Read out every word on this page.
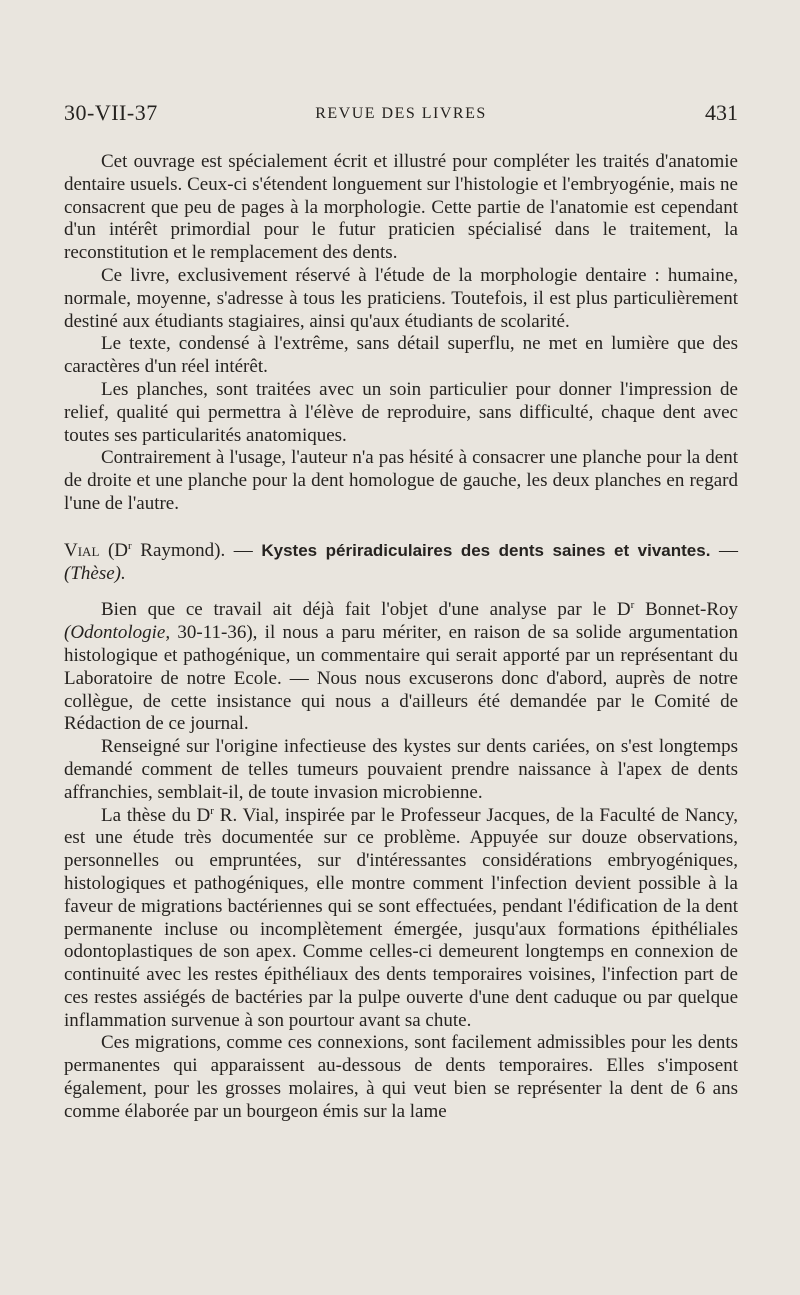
30-VII-37	REVUE DES LIVRES	431

Cet ouvrage est spécialement écrit et illustré pour compléter les traités d'anatomie dentaire usuels. Ceux-ci s'étendent longuement sur l'histologie et l'embryogénie, mais ne consacrent que peu de pages à la morphologie. Cette partie de l'anatomie est cependant d'un intérêt primordial pour le futur praticien spécialisé dans le traitement, la reconstitution et le remplacement des dents.

Ce livre, exclusivement réservé à l'étude de la morphologie dentaire : humaine, normale, moyenne, s'adresse à tous les praticiens. Toutefois, il est plus particulièrement destiné aux étudiants stagiaires, ainsi qu'aux étudiants de scolarité.

Le texte, condensé à l'extrême, sans détail superflu, ne met en lumière que des caractères d'un réel intérêt.

Les planches, sont traitées avec un soin particulier pour donner l'impression de relief, qualité qui permettra à l'élève de reproduire, sans difficulté, chaque dent avec toutes ses particularités anatomiques.

Contrairement à l'usage, l'auteur n'a pas hésité à consacrer une planche pour la dent de droite et une planche pour la dent homologue de gauche, les deux planches en regard l'une de l'autre.

Vial ($D^r$ Raymond). — Kystes périradiculaires des dents saines et vivantes. — (Thèse).

Bien que ce travail ait déjà fait l'objet d'une analyse par le $D^r$ Bonnet-Roy (Odontologie, 30-11-36), il nous a paru mériter, en raison de sa solide argumentation histologique et pathogénique, un commentaire qui serait apporté par un représentant du Laboratoire de notre Ecole. — Nous nous excuserons donc d'abord, auprès de notre collègue, de cette insistance qui nous a d'ailleurs été demandée par le Comité de Rédaction de ce journal.

Renseigné sur l'origine infectieuse des kystes sur dents cariées, on s'est longtemps demandé comment de telles tumeurs pouvaient prendre naissance à l'apex de dents affranchies, semblait-il, de toute invasion microbienne.

La thèse du $D^r$ R. Vial, inspirée par le Professeur Jacques, de la Faculté de Nancy, est une étude très documentée sur ce problème. Appuyée sur douze observations, personnelles ou empruntées, sur d'intéressantes considérations embryogéniques, histologiques et pathogéniques, elle montre comment l'infection devient possible à la faveur de migrations bactériennes qui se sont effectuées, pendant l'édification de la dent permanente incluse ou incomplètement émergée, jusqu'aux formations épithéliales odontoplastiques de son apex. Comme celles-ci demeurent longtemps en connexion de continuité avec les restes épithéliaux des dents temporaires voisines, l'infection part de ces restes assiégés de bactéries par la pulpe ouverte d'une dent caduque ou par quelque inflammation survenue à son pourtour avant sa chute.

Ces migrations, comme ces connexions, sont facilement admissibles pour les dents permanentes qui apparaissent au-dessous de dents temporaires. Elles s'imposent également, pour les grosses molaires, à qui veut bien se représenter la dent de 6 ans comme élaborée par un bourgeon émis sur la lame
